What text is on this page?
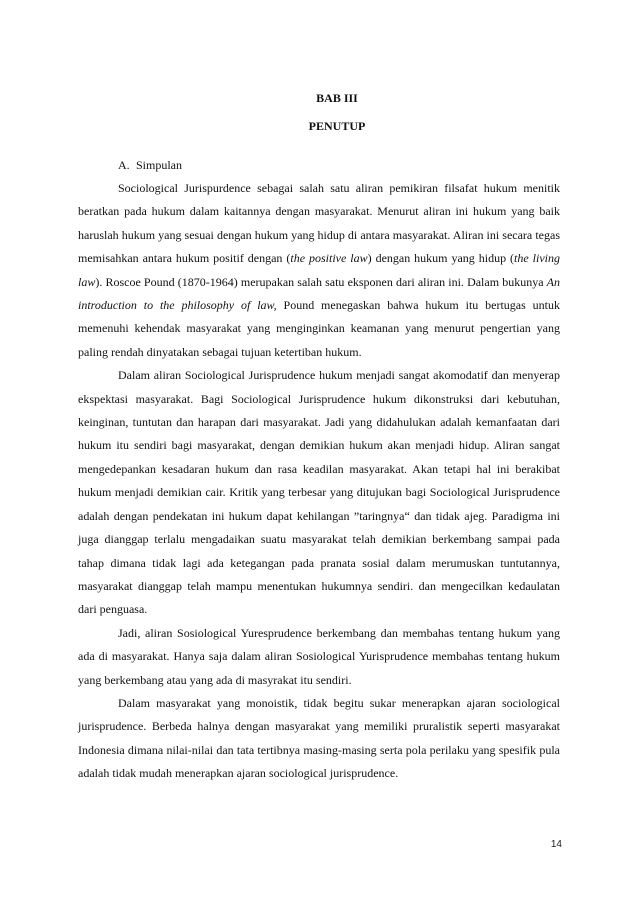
BAB III
PENUTUP
A. Simpulan

Sociological Jurispurdence sebagai salah satu aliran pemikiran filsafat hukum menitik beratkan pada hukum dalam kaitannya dengan masyarakat. Menurut aliran ini hukum yang baik haruslah hukum yang sesuai dengan hukum yang hidup di antara masyarakat. Aliran ini secara tegas memisahkan antara hukum positif dengan (the positive law) dengan hukum yang hidup (the living law). Roscoe Pound (1870-1964) merupakan salah satu eksponen dari aliran ini. Dalam bukunya An introduction to the philosophy of law, Pound menegaskan bahwa hukum itu bertugas untuk memenuhi kehendak masyarakat yang menginginkan keamanan yang menurut pengertian yang paling rendah dinyatakan sebagai tujuan ketertiban hukum.

Dalam aliran Sociological Jurisprudence hukum menjadi sangat akomodatif dan menyerap ekspektasi masyarakat. Bagi Sociological Jurisprudence hukum dikonstruksi dari kebutuhan, keinginan, tuntutan dan harapan dari masyarakat. Jadi yang didahulukan adalah kemanfaatan dari hukum itu sendiri bagi masyarakat, dengan demikian hukum akan menjadi hidup. Aliran sangat mengedepankan kesadaran hukum dan rasa keadilan masyarakat. Akan tetapi hal ini berakibat hukum menjadi demikian cair. Kritik yang terbesar yang ditujukan bagi Sociological Jurisprudence adalah dengan pendekatan ini hukum dapat kehilangan ”taringnya“ dan tidak ajeg. Paradigma ini juga dianggap terlalu mengadaikan suatu masyarakat telah demikian berkembang sampai pada tahap dimana tidak lagi ada ketegangan pada pranata sosial dalam merumuskan tuntutannya, masyarakat dianggap telah mampu menentukan hukumnya sendiri. dan mengecilkan kedaulatan dari penguasa.

Jadi, aliran Sosiological Yuresprudence berkembang dan membahas tentang hukum yang ada di masyarakat. Hanya saja dalam aliran Sosiological Yurisprudence membahas tentang hukum yang berkembang atau yang ada di masyrakat itu sendiri.

Dalam masyarakat yang monoistik, tidak begitu sukar menerapkan ajaran sociological jurisprudence. Berbeda halnya dengan masyarakat yang memiliki pruralistik seperti masyarakat Indonesia dimana nilai-nilai dan tata tertibnya masing-masing serta pola perilaku yang spesifik pula adalah tidak mudah menerapkan ajaran sociological jurisprudence.

14
